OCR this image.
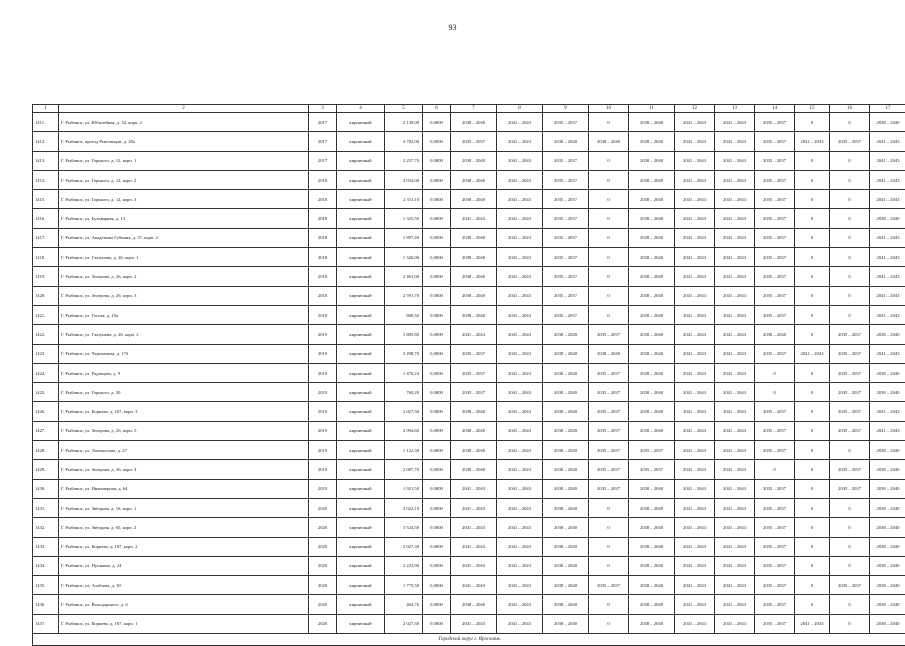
93
1	2	3	4	5	6	7	8	9	10	11	12	13	14	15	16	17
1411.	Г. Рыбинск, ул. Юбилейная, д. 34, корп. 2	2017	кирпичный	2 139,00	0,0000	2038 – 2040	2041 – 2043	2035 – 2037	0	2038 – 2040	2041 – 2043	2041 – 2043	2035 – 2037	0	0	2038 – 2040
1412.	Г. Рыбинск, проезд Революции, д. 28а	2017	кирпичный	4 782,00	0,0000	2035 – 2037	2041 – 2043	2038 – 2040	2038 – 2040	2038 – 2040	2041 – 2043	2041 – 2043	2035 – 2037	2041 – 2043	2035 – 2037	2041 – 2043
1413.	Г. Рыбинск, ул. Горького, д. 12, корп. 1	2017	кирпичный	2 257,70	0,0000	2038 – 2040	2041 – 2043	2035 – 2037	0	2038 – 2040	2041 – 2043	2041 – 2043	2035 – 2037	0	0	2041 – 2043
1414.	Г. Рыбинск, ул. Горького, д. 12, корп. 2	2018	кирпичный	4 034,00	0,0000	2038 – 2040	2041 – 2043	2035 – 2037	0	2038 – 2040	2041 – 2043	2041 – 2043	2035 – 2037	0	0	2041 – 2043
1415.	Г. Рыбинск, ул. Горького, д. 12, корп. 3	2018	кирпичный	2 311,10	0,0000	2038 – 2040	2041 – 2043	2035 – 2037	0	2038 – 2040	2041 – 2043	2041 – 2043	2035 – 2037	0	0	2041 – 2043
1416.	Г. Рыбинск, ул. Бульварная, д. 13	2018	кирпичный	1 325,50	0,0000	2041 – 2043	2041 – 2043	2035 – 2037	0	2038 – 2040	2041 – 2043	2041 – 2043	2035 – 2037	0	0	2038 – 2040
1417.	Г. Рыбинск, ул. Академика Губкина, д. 37, корп. 2	2018	кирпичный	1 897,40	0,0000	2038 – 2040	2041 – 2043	2035 – 2037	0	2038 – 2040	2041 – 2043	2041 – 2043	2035 – 2037	0	0	2041 – 2043
1418.	Г. Рыбинск, ул. Глазунова, д. 26, корп. 1	2018	кирпичный	1 326,00	0,0000	2038 – 2040	2041 – 2043	2035 – 2037	0	2038 – 2040	2041 – 2043	2041 – 2043	2035 – 2037	0	0	2041 – 2043
1419.	Г. Рыбинск, ул. Зелерова, д. 26, корп. 2	2018	кирпичный	2 461,00	0,0000	2038 – 2040	2041 – 2043	2035 – 2037	0	2038 – 2040	2041 – 2043	2041 – 2043	2035 – 2037	0	0	2041 – 2043
1420.	Г. Рыбинск, ул. Зелерова, д. 26, корп. 3	2018	кирпичный	2 591,70	0,0000	2038 – 2040	2041 – 2043	2035 – 2037	0	2038 – 2040	2041 – 2043	2041 – 2043	2035 – 2037	0	0	2041 – 2043
1421.	Г. Рыбинск, ул. Гоголя, д. 19а	2018	кирпичный	868,50	0,0000	2038 – 2040	2041 – 2043	2035 – 2037	0	2038 – 2040	2041 – 2043	2041 – 2043	2035 – 2037	0	0	2041 – 2043
1422.	Г. Рыбинск, ул. Глазунова, д. 26, корп. 2	2019	кирпичный	1 805,80	0,0000	2041 – 2043	2041 – 2043	2038 – 2040	2035 – 2037	2038 – 2040	2041 – 2043	2041 – 2043	2038 – 2040	0	2035 – 2037	2038 – 2040
1423.	Г. Рыбинск, ул. Черепанова, д. 17б	2019	кирпичный	3 298,70	0,0000	2035 – 2037	2041 – 2043	2038 – 2040	2038 – 2040	2038 – 2040	2041 – 2043	2041 – 2043	2035 – 2037	2041 – 2043	2035 – 2037	2041 – 2043
1424.	Г. Рыбинск, ул. Радищева, д. 9	2019	кирпичный	1 470,24	0,0000	2035 – 2037	2041 – 2043	2038 – 2040	2035 – 2037	2038 – 2040	2041 – 2043	2041 – 2043	0	0	2035 – 2037	2038 – 2040
1425.	Г. Рыбинск, ул. Горького, д. 30	2019	кирпичный	760,20	0,0000	2035 – 2037	2041 – 2043	2038 – 2040	2035 – 2037	2038 – 2040	2041 – 2043	2041 – 2043	0	0	2035 – 2037	2038 – 2040
1426.	Г. Рыбинск, ул. Корнева, д. 107, корп. 3	2019	кирпичный	2 027,30	0,0000	2038 – 2040	2041 – 2043	2038 – 2040	2035 – 2037	2038 – 2040	2041 – 2043	2041 – 2043	2035 – 2037	0	2035 – 2037	2041 – 2043
1427.	Г. Рыбинск, ул. Зелерова, д. 26, корп. 5	2019	кирпичный	2 094,60	0,0000	2038 – 2040	2041 – 2043	2038 – 2040	2035 – 2037	2038 – 2040	2041 – 2043	2041 – 2043	2035 – 2037	0	2035 – 2037	2041 – 2043
1428.	Г. Рыбинск, ул. Ломоносова, д. 27	2019	кирпичный	1 122,30	0,0000	2038 – 2040	2041 – 2043	2038 – 2040	2035 – 2037	2035 – 2037	2041 – 2043	2041 – 2043	2035 – 2037	0	0	2038 – 2040
1429.	Г. Рыбинск, ул. Зелерова, д. 26, корп. 4	2019	кирпичный	2 087,70	0,0000	2038 – 2040	2041 – 2043	2038 – 2040	2035 – 2037	2035 – 2037	2041 – 2043	2041 – 2043	0	0	2035 – 2037	2038 – 2040
1430.	Г. Рыбинск, ул. Инженерная, д. 64	2019	кирпичный	1 921,50	0,0000	2041 – 2043	2041 – 2043	2038 – 2040	2035 – 2037	2038 – 2040	2041 – 2043	2041 – 2043	2035 – 2037	0	2035 – 2037	2038 – 2040
1431.	Г. Рыбинск, ул. Звёздная, д. 16, корп. 1	2020	кирпичный	3 022,10	0,0000	2041 – 2043	2041 – 2043	2038 – 2040	0	2038 – 2040	2041 – 2043	2041 – 2043	2035 – 2037	0	0	2038 – 2040
1432.	Г. Рыбинск, ул. Звёздная, д. 65, корп. 2	2020	кирпичный	3 524,50	0,0000	2041 – 2043	2041 – 2043	2038 – 2040	0	2038 – 2040	2041 – 2043	2041 – 2043	2035 – 2037	0	0	2038 – 2040
1433.	Г. Рыбинск, ул. Корнева, д. 107, корп. 2	2020	кирпичный	2 027,30	0,0000	2041 – 2043	2041 – 2043	2038 – 2040	0	2038 – 2040	2041 – 2043	2041 – 2043	2035 – 2037	0	0	2038 – 2040
1434.	Г. Рыбинск, ул. Пушкина, д. 24	2020	кирпичный	2 223,90	0,0000	2041 – 2043	2041 – 2043	2038 – 2040	0	2038 – 2040	2041 – 2043	2041 – 2043	2035 – 2037	0	0	2038 – 2040
1435.	Г. Рыбинск, ул. Азабзова, д. 30	2020	кирпичный	1 775,50	0,0000	2041 – 2043	2041 – 2043	2038 – 2040	2035 – 2037	2038 – 2040	2041 – 2043	2041 – 2043	2035 – 2037	0	2035 – 2037	2038 – 2040
1436.	Г. Рыбинск, ул. Володарского, д. 6	2020	кирпичный	464,76	0,0000	2038 – 2040	2041 – 2043	2038 – 2040	0	2038 – 2040	2041 – 2043	2041 – 2043	2035 – 2037	0	0	2038 – 2040
1437.	Г. Рыбинск, ул. Корнева, д. 107, корп. 1	2020	кирпичный	2 027,30	0,0000	2041 – 2043	2041 – 2043	2038 – 2040	0	2038 – 2040	2041 – 2043	2041 – 2043	2035 – 2037	2041 – 2043	0	2038 – 2040
Городской округ г. Ярославль																
